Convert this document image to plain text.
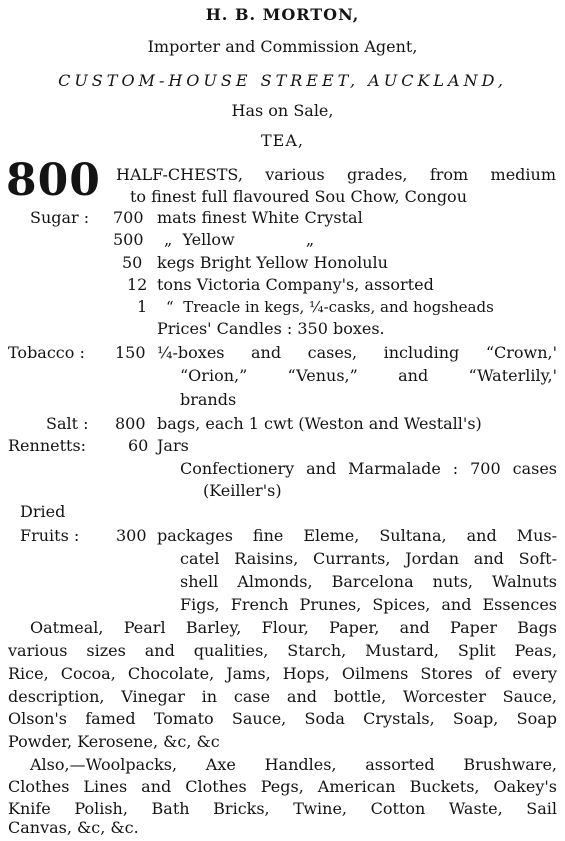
H. B. MORTON,
Importer and Commission Agent,
CUSTOM-HOUSE STREET, AUCKLAND,
Has on Sale,
TEA,
800 HALF-CHESTS, various grades, from medium
to finest full flavoured Sou Chow, Congou
Sugar : 700 mats finest White Crystal
500 „  Yellow              „
50 kegs Bright Yellow Honolulu
12 tons Victoria Company's, assorted
1 “  Treacle in kegs, ¼-casks, and hogsheads
Prices' Candles : 350 boxes.
Tobacco : 150 ¼-boxes and cases, including “Crown,'
“Orion,” “Venus,” and “Waterlily,'
brands
Salt : 800 bags, each 1 cwt (Weston and Westall's)
Rennetts:	60 Jars
Confectionery and Marmalade : 700 cases
(Keiller's)
Dried
Fruits : 300 packages fine Eleme, Sultana, and Mus-
catel Raisins, Currants, Jordan and Soft-
shell Almonds, Barcelona nuts, Walnuts
Figs, French Prunes, Spices, and Essences
Oatmeal, Pearl Barley, Flour, Paper, and Paper Bags
various sizes and qualities, Starch, Mustard, Split Peas,
Rice, Cocoa, Chocolate, Jams, Hops, Oilmens Stores of every
description, Vinegar in case and bottle, Worcester Sauce,
Olson's famed Tomato Sauce, Soda Crystals, Soap, Soap
Powder, Kerosene, &c, &c
Also,—Woolpacks, Axe Handles, assorted Brushware,
Clothes Lines and Clothes Pegs, American Buckets, Oakey's
Knife Polish, Bath Bricks, Twine, Cotton Waste, Sail
Canvas, &c, &c.
